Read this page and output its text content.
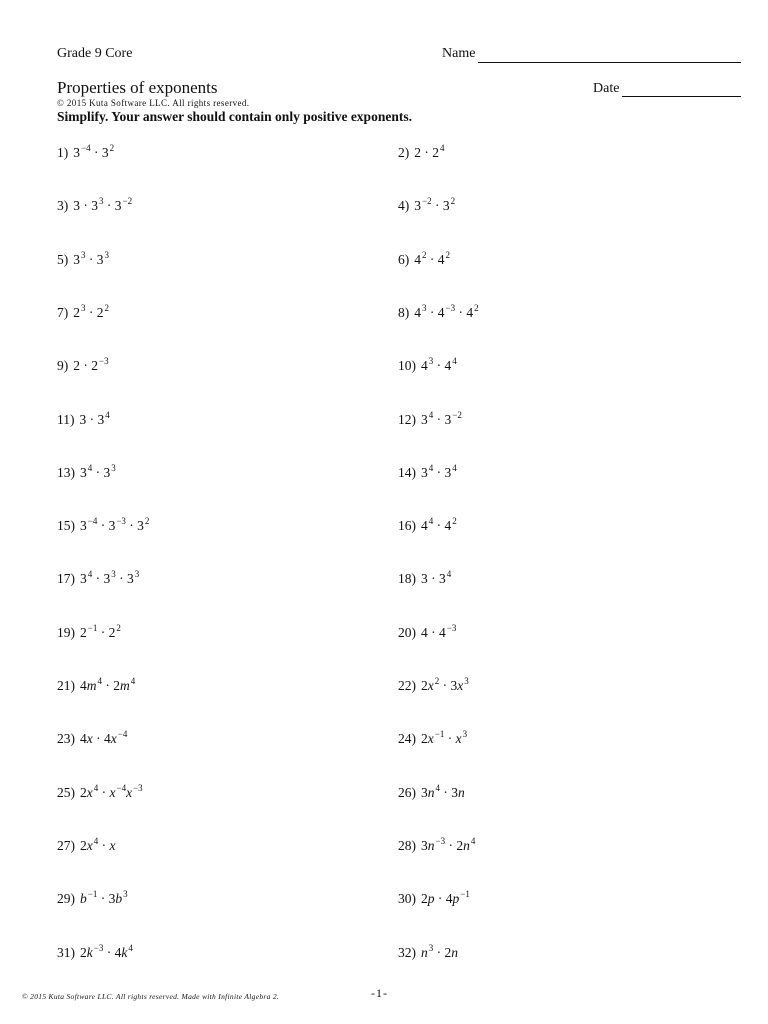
Grade 9 Core	Name
Properties of exponents	Date
© 2015 Kuta Software LLC. All rights reserved.
Simplify. Your answer should contain only positive exponents.
1) $3^{-4} \cdot 3^2$	2) $2 \cdot 2^4$
3) $3 \cdot 3^3 \cdot 3^{-2}$	4) $3^{-2} \cdot 3^2$
5) $3^3 \cdot 3^3$	6) $4^2 \cdot 4^2$
7) $2^3 \cdot 2^2$	8) $4^3 \cdot 4^{-3} \cdot 4^2$
9) $2 \cdot 2^{-3}$	10) $4^3 \cdot 4^4$
11) $3 \cdot 3^4$	12) $3^4 \cdot 3^{-2}$
13) $3^4 \cdot 3^3$	14) $3^4 \cdot 3^4$
15) $3^{-4} \cdot 3^{-3} \cdot 3^2$	16) $4^4 \cdot 4^2$
17) $3^4 \cdot 3^3 \cdot 3^3$	18) $3 \cdot 3^4$
19) $2^{-1} \cdot 2^2$	20) $4 \cdot 4^{-3}$
21) $4m^4 \cdot 2m^4$	22) $2x^2 \cdot 3x^3$
23) $4x \cdot 4x^{-4}$	24) $2x^{-1} \cdot x^3$
25) $2x^4 \cdot x^{-4}x^{-3}$	26) $3n^4 \cdot 3n$
27) $2x^4 \cdot x$	28) $3n^{-3} \cdot 2n^4$
29) $b^{-1} \cdot 3b^3$	30) $2p \cdot 4p^{-1}$
31) $2k^{-3} \cdot 4k^4$	32) $n^3 \cdot 2n$
© 2015 Kuta Software LLC. All rights reserved. Made with Infinite Algebra 2.	-1-
